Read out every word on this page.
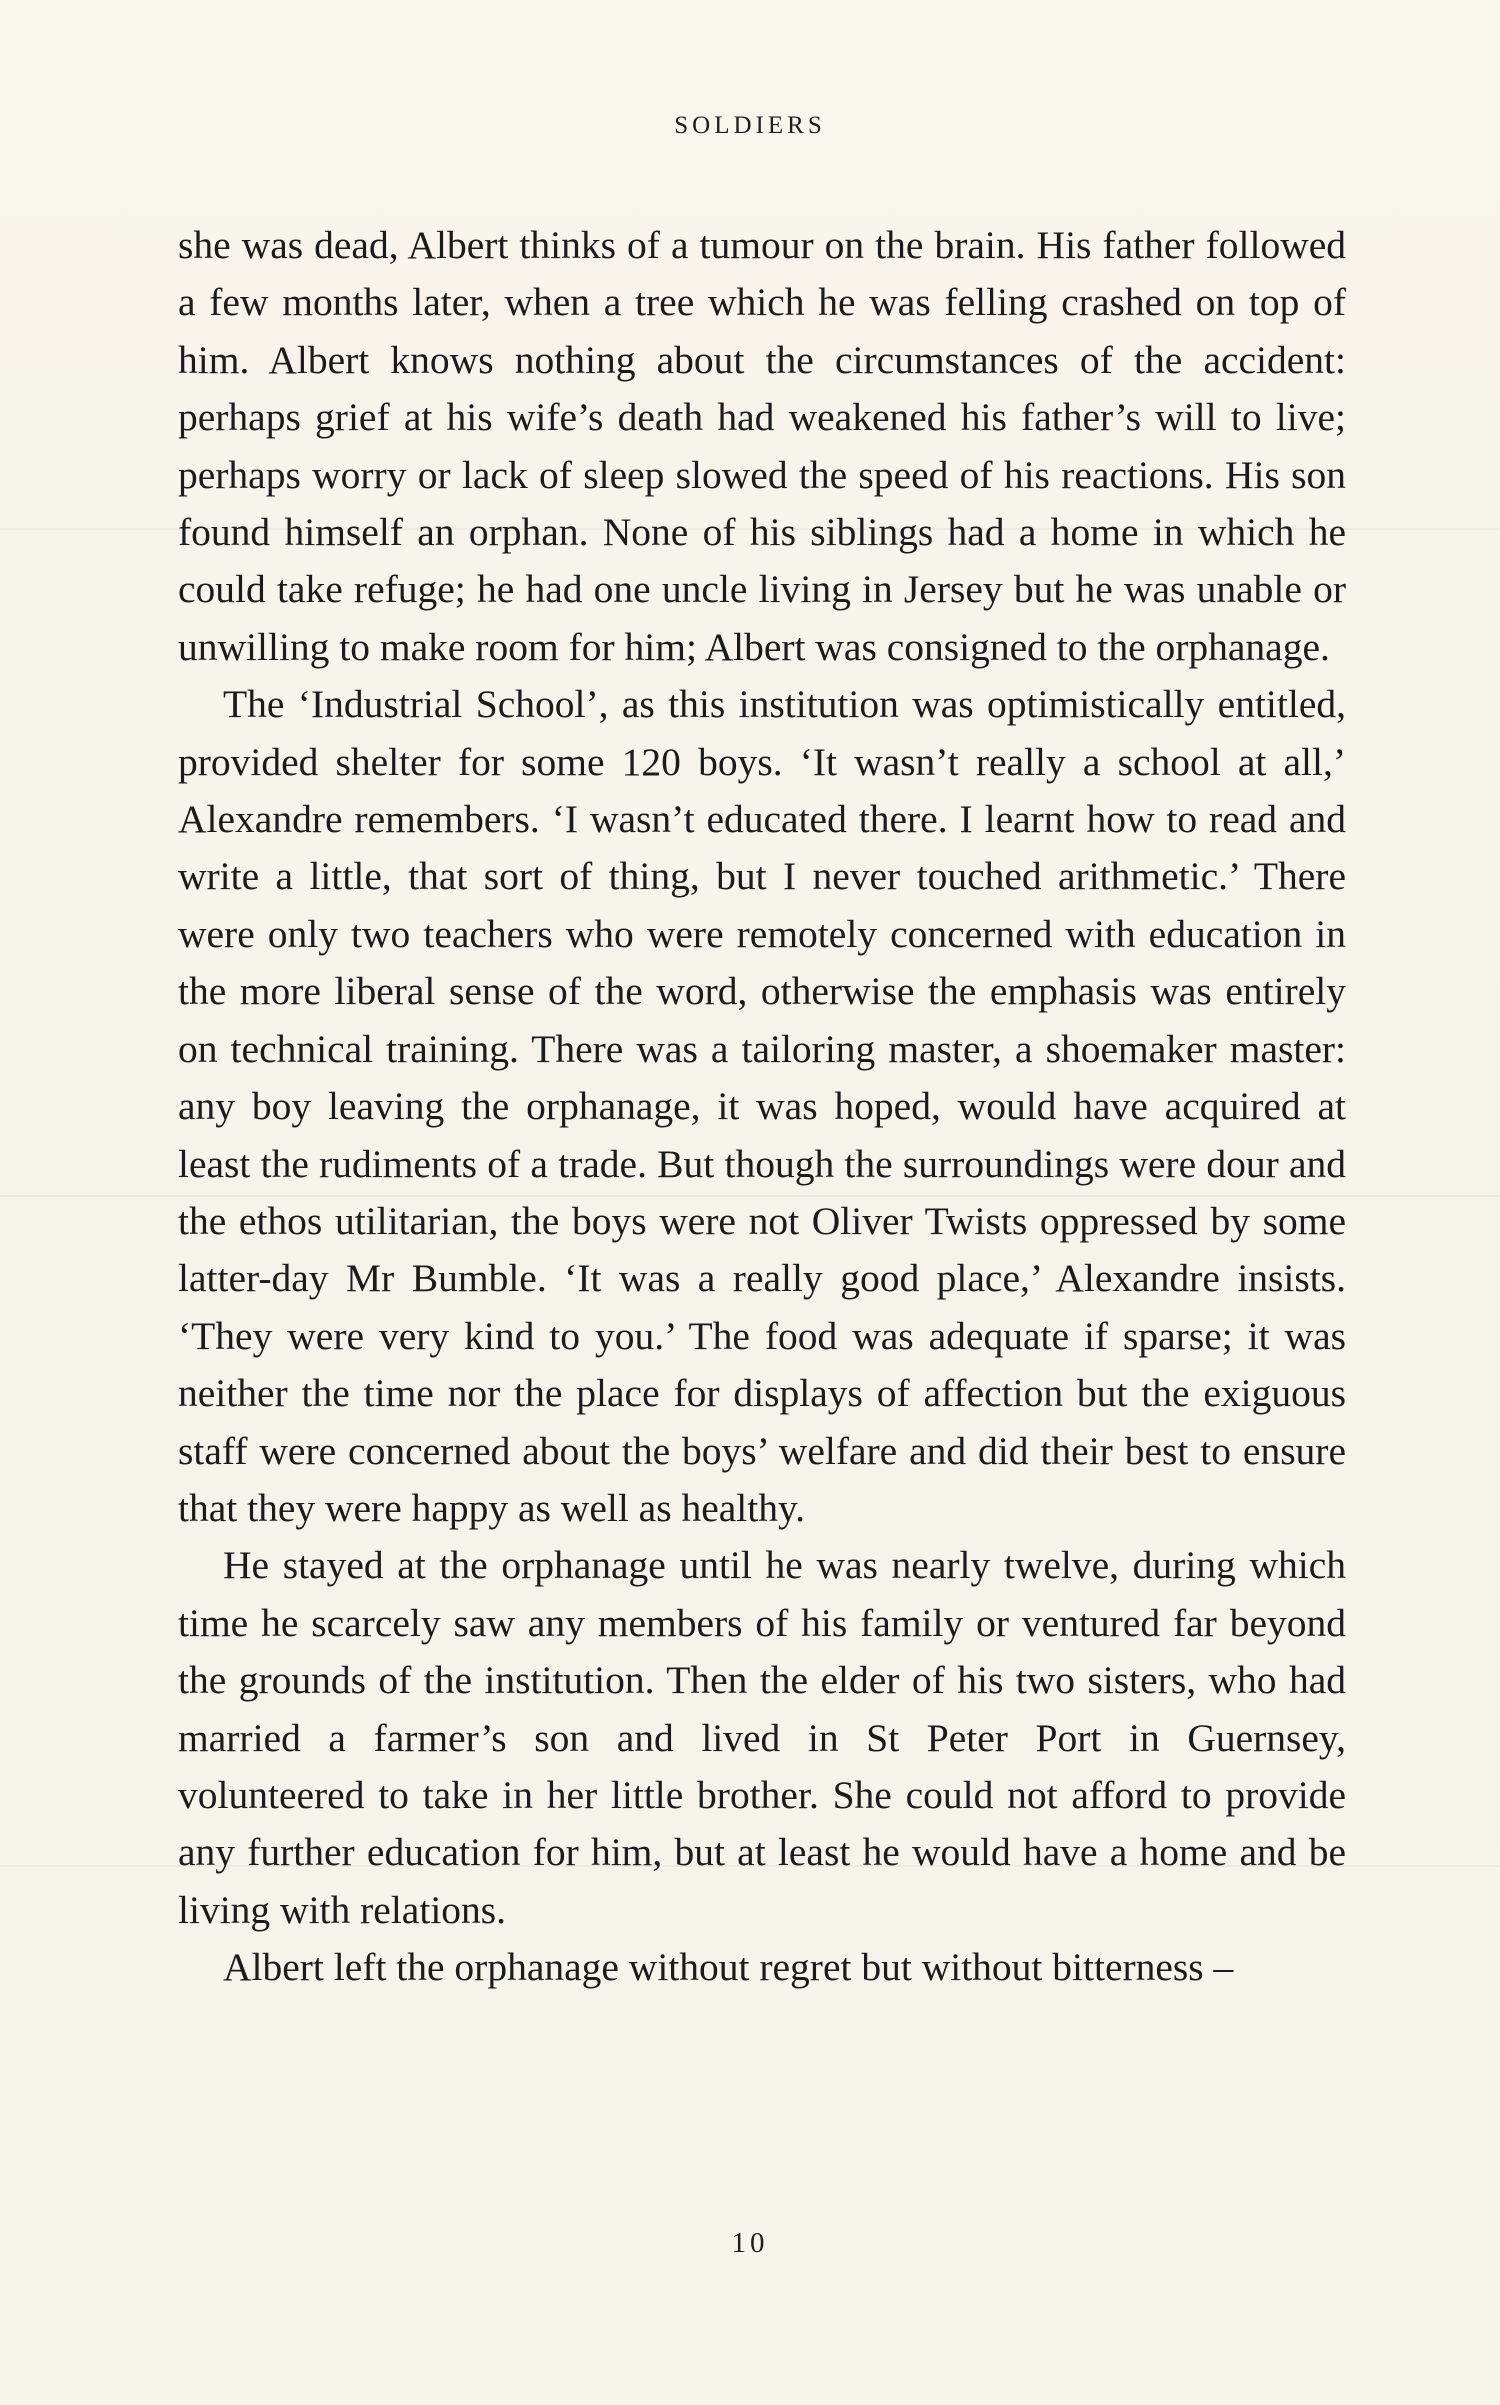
SOLDIERS

she was dead, Albert thinks of a tumour on the brain. His father followed a few months later, when a tree which he was felling crashed on top of him. Albert knows nothing about the circumstances of the accident: perhaps grief at his wife’s death had weakened his father’s will to live; perhaps worry or lack of sleep slowed the speed of his reactions. His son found himself an orphan. None of his siblings had a home in which he could take refuge; he had one uncle living in Jersey but he was unable or unwilling to make room for him; Albert was consigned to the orphanage.

The ‘Industrial School’, as this institution was optimistically entitled, provided shelter for some 120 boys. ‘It wasn’t really a school at all,’ Alexandre remembers. ‘I wasn’t educated there. I learnt how to read and write a little, that sort of thing, but I never touched arithmetic.’ There were only two teachers who were remotely concerned with education in the more liberal sense of the word, otherwise the emphasis was entirely on technical training. There was a tailoring master, a shoemaker master: any boy leaving the orphanage, it was hoped, would have acquired at least the rudiments of a trade. But though the surroundings were dour and the ethos utilitarian, the boys were not Oliver Twists oppressed by some latter-day Mr Bumble. ‘It was a really good place,’ Alexandre insists. ‘They were very kind to you.’ The food was adequate if sparse; it was neither the time nor the place for displays of affection but the exiguous staff were concerned about the boys’ welfare and did their best to ensure that they were happy as well as healthy.

He stayed at the orphanage until he was nearly twelve, during which time he scarcely saw any members of his family or ventured far beyond the grounds of the institution. Then the elder of his two sisters, who had married a farmer’s son and lived in St Peter Port in Guernsey, volunteered to take in her little brother. She could not afford to provide any further education for him, but at least he would have a home and be living with relations.

Albert left the orphanage without regret but without bitterness –

10
